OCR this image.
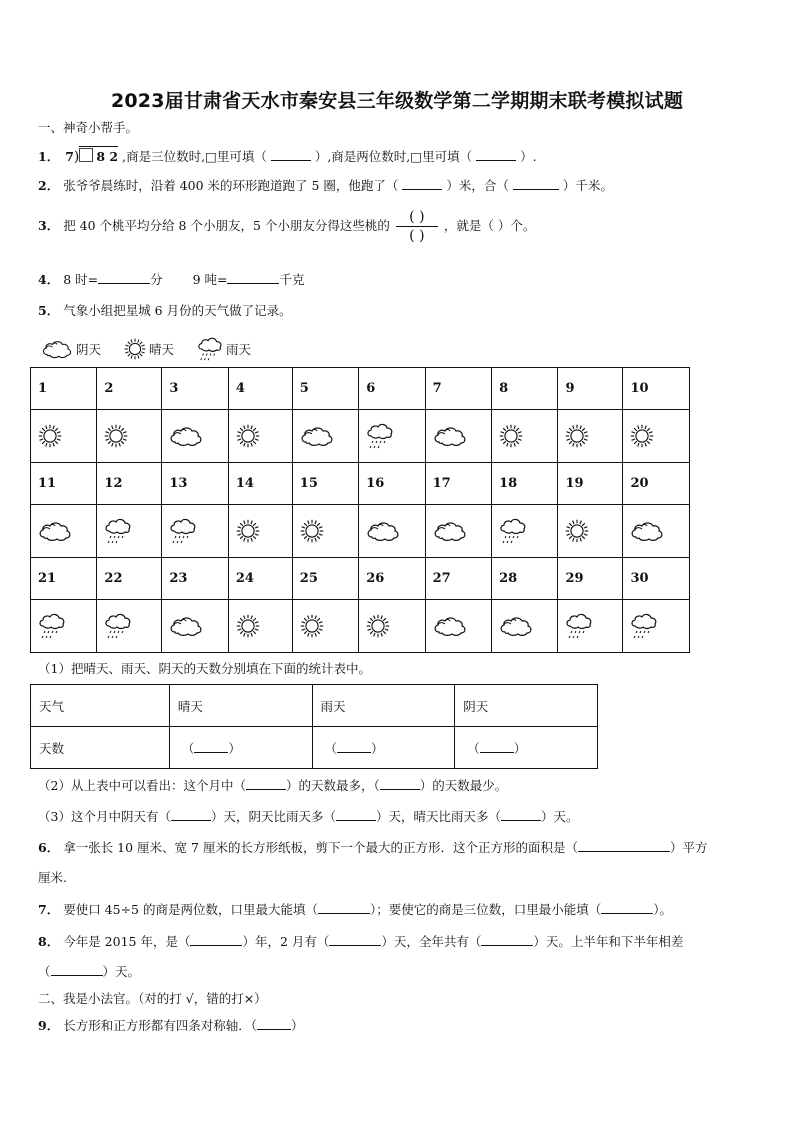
2023届甘肃省天水市秦安县三年级数学第二学期期末联考模拟试题
一、神奇小帮手。
1． 7) 8 2 ,商是三位数时,□里可填（	）,商是两位数时,□里可填（	）.
2． 张爷爷晨练时，沿着 400 米的环形跑道跑了 5 圈，他跑了（	）米，合（	）千米。
3． 把 40 个桃平均分给 8 个小朋友，5 个小朋友分得这些桃的 $\frac{( )}{( )}$ ，就是（ ）个。
4． 8 时=	分 9 吨=	千克
5． 气象小组把星城 6 月份的天气做了记录。
阴天	晴天	雨天
1	2	3	4	5	6	7	8	9	10

11	12	13	14	15	16	17	18	19	20

21	22	23	24	25	26	27	28	29	30

（1）把晴天、雨天、阴天的天数分别填在下面的统计表中。
天气	晴天	雨天	阴天
天数	（ ）	（ ）	（ ）
（2）从上表中可以看出：这个月中（	）的天数最多，（	）的天数最少。
（3）这个月中阴天有（	）天，阴天比雨天多（	）天，晴天比雨天多（	）天。
6． 拿一张长 10 厘米、宽 7 厘米的长方形纸板，剪下一个最大的正方形．这个正方形的面积是（	）平方
厘米.
7． 要使口 45÷5 的商是两位数，口里最大能填（	）；要使它的商是三位数，口里最小能填（	）。
8． 今年是 2015 年，是（	）年，2 月有（	）天，全年共有（	）天。上半年和下半年相差
（	）天。
二、我是小法官。（对的打 √，错的打×）
9． 长方形和正方形都有四条对称轴．（	）
